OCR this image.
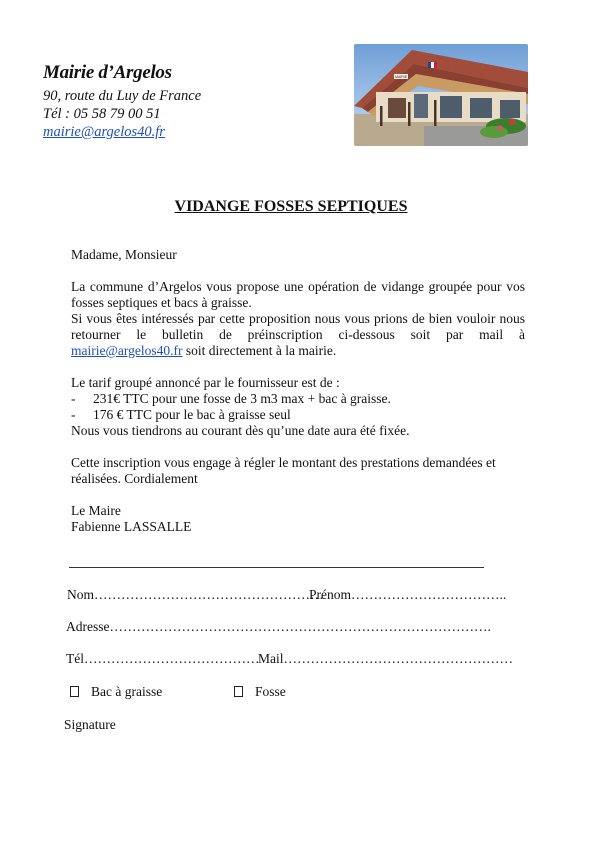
Mairie d’Argelos
90, route du Luy de France
Tél : 05 58 79 00 51
mairie@argelos40.fr
MAIRIE
VIDANGE FOSSES SEPTIQUES
Madame, Monsieur
La commune d’Argelos vous propose une opération de vidange groupée pour vos
fosses septiques et bacs à graisse.
Si vous êtes intéressés par cette proposition nous vous prions de bien vouloir nous
retourner le bulletin de préinscription ci-dessous soit par mail à
mairie@argelos40.fr soit directement à la mairie.
Le tarif groupé annoncé par le fournisseur est de :
- 231€ TTC pour une fosse de 3 m3 max + bac à graisse.
- 176 € TTC pour le bac à graisse seul
Nous vous tiendrons au courant dès qu’une date aura été fixée.
Cette inscription vous engage à régler le montant des prestations demandées et
réalisées. Cordialement
Le Maire
Fabienne LASSALLE
Nom……………………………………………
Prénom……………………………..
Adresse………………………………………………………………………….
Tél…………………………………
Mail……………………………………………
Bac à graisse	Fosse
Signature
